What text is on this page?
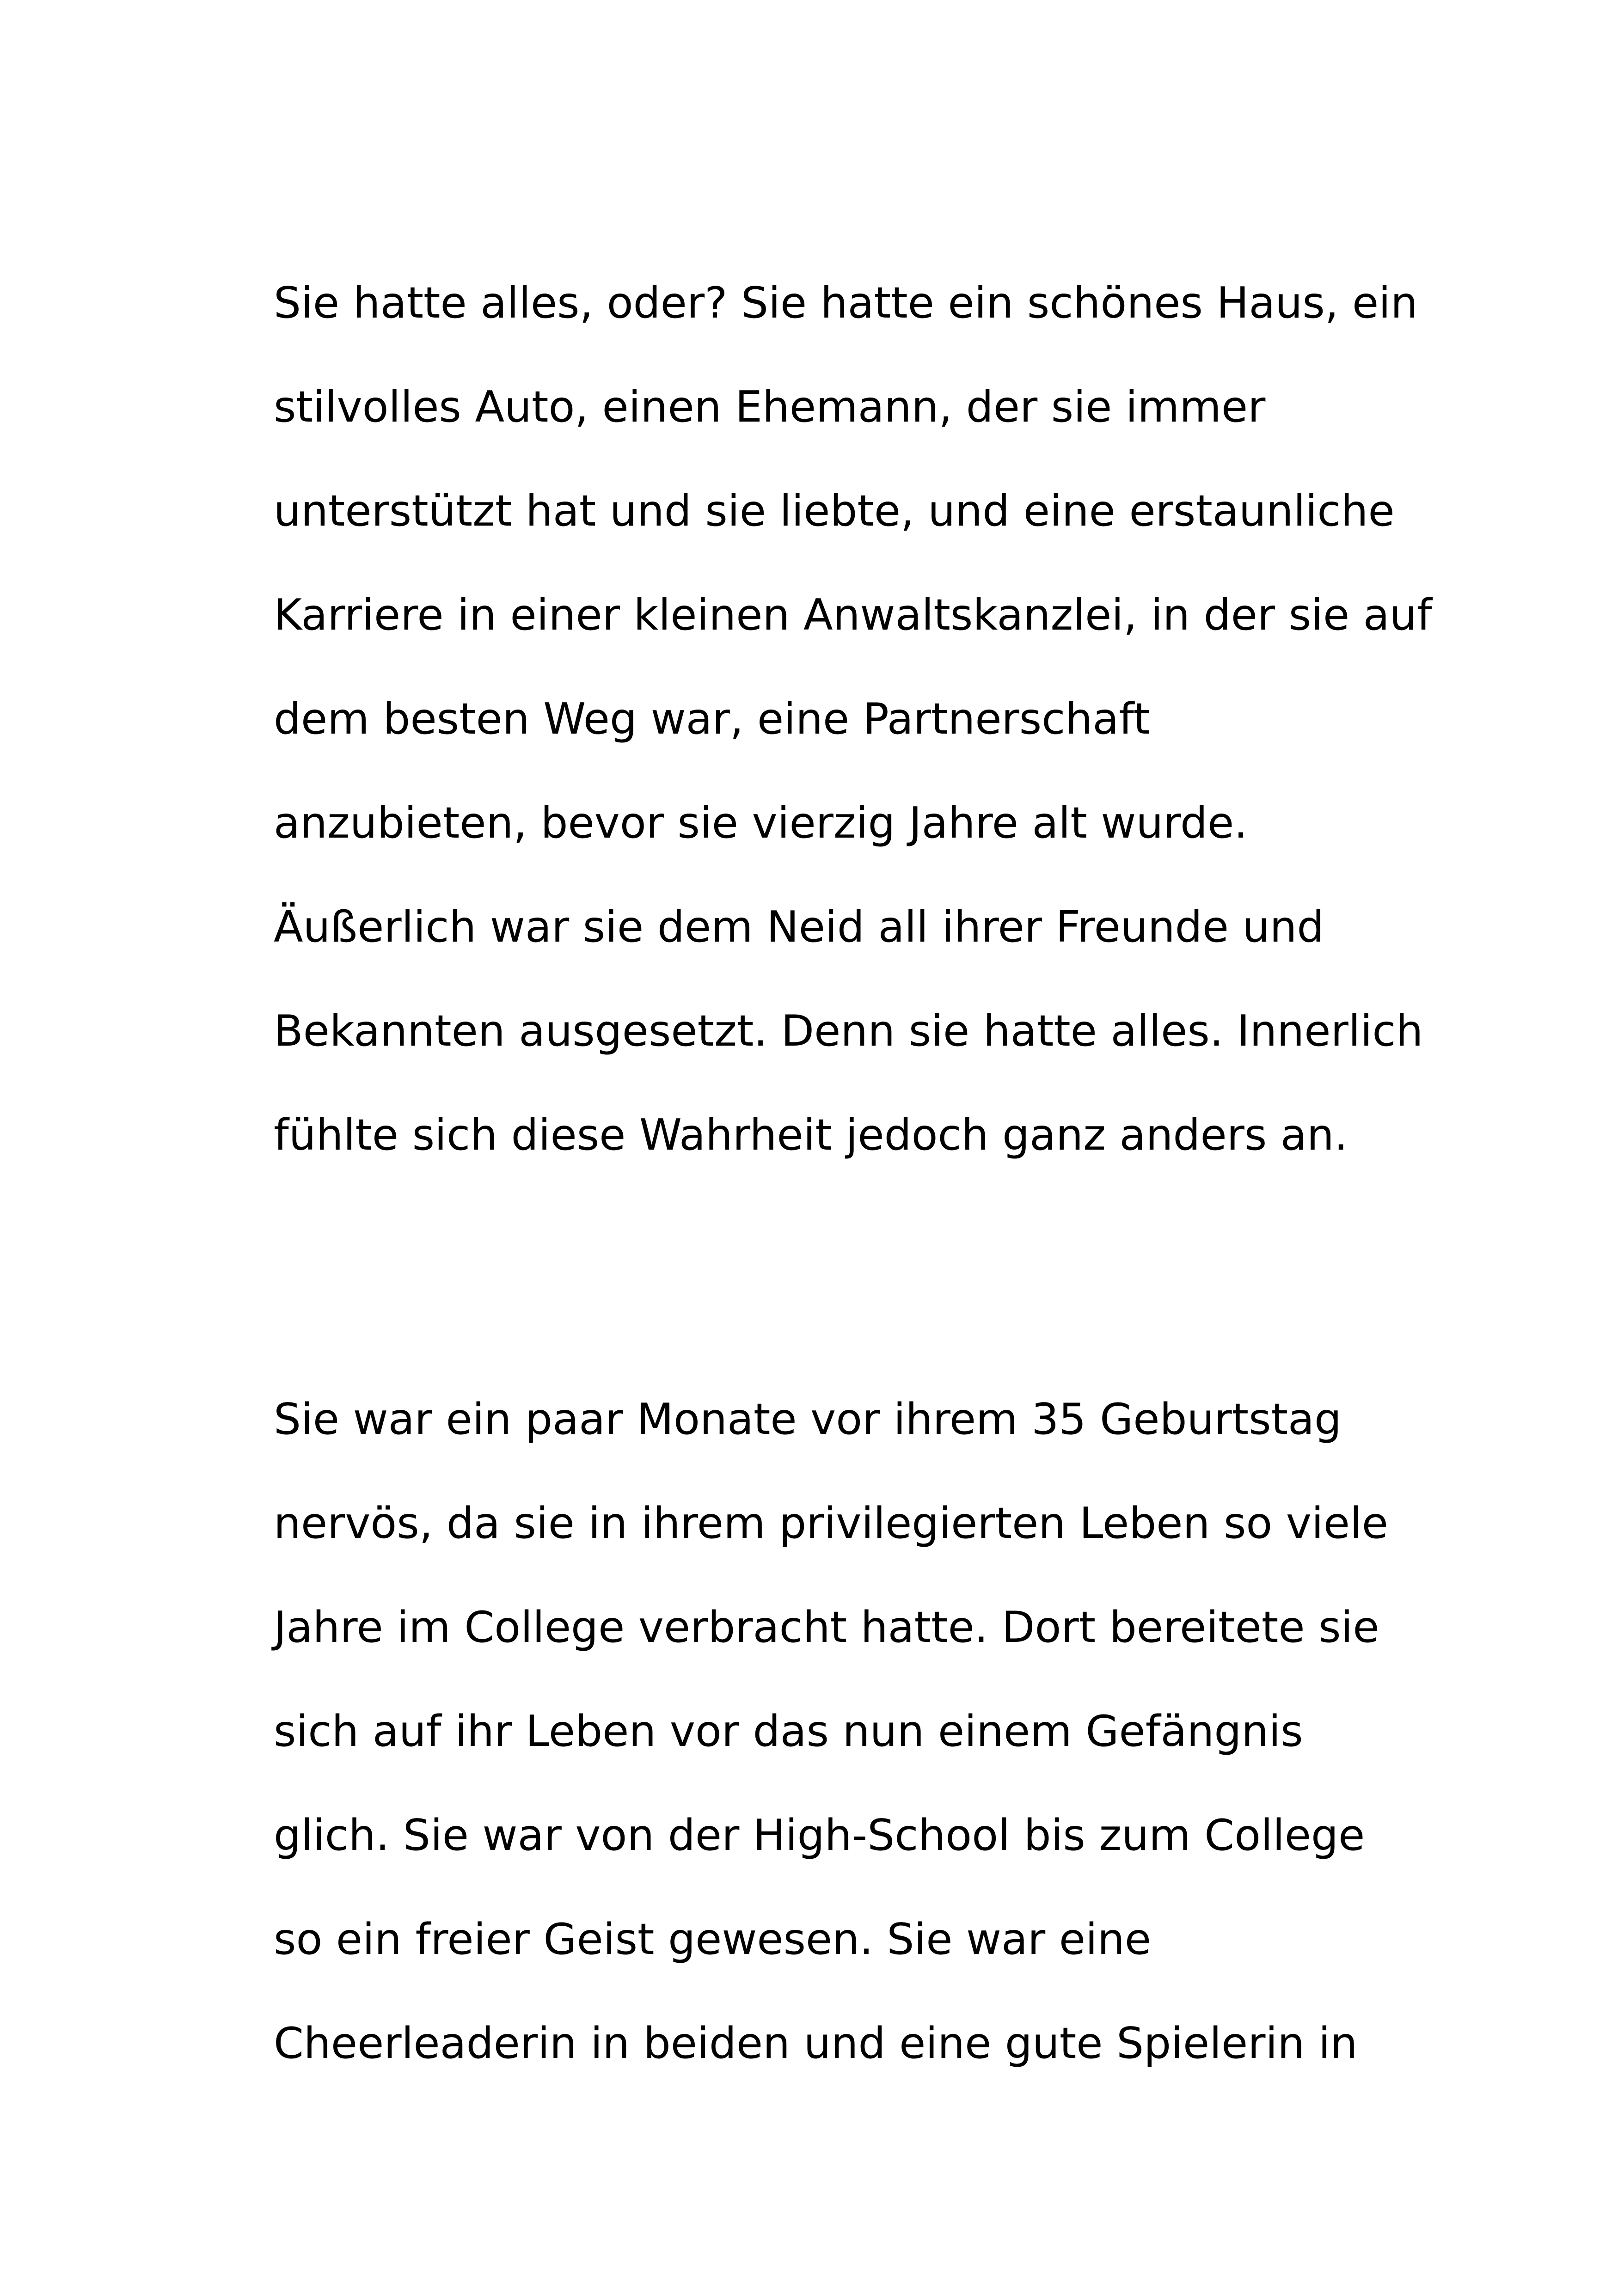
Sie hatte alles, oder? Sie hatte ein schönes Haus, ein
stilvolles Auto, einen Ehemann, der sie immer
unterstützt hat und sie liebte, und eine erstaunliche
Karriere in einer kleinen Anwaltskanzlei, in der sie auf
dem besten Weg war, eine Partnerschaft
anzubieten, bevor sie vierzig Jahre alt wurde.
Äußerlich war sie dem Neid all ihrer Freunde und
Bekannten ausgesetzt. Denn sie hatte alles. Innerlich
fühlte sich diese Wahrheit jedoch ganz anders an.
Sie war ein paar Monate vor ihrem 35 Geburtstag
nervös, da sie in ihrem privilegierten Leben so viele
Jahre im College verbracht hatte. Dort bereitete sie
sich auf ihr Leben vor das nun einem Gefängnis
glich. Sie war von der High-School bis zum College
so ein freier Geist gewesen. Sie war eine
Cheerleaderin in beiden und eine gute Spielerin in
